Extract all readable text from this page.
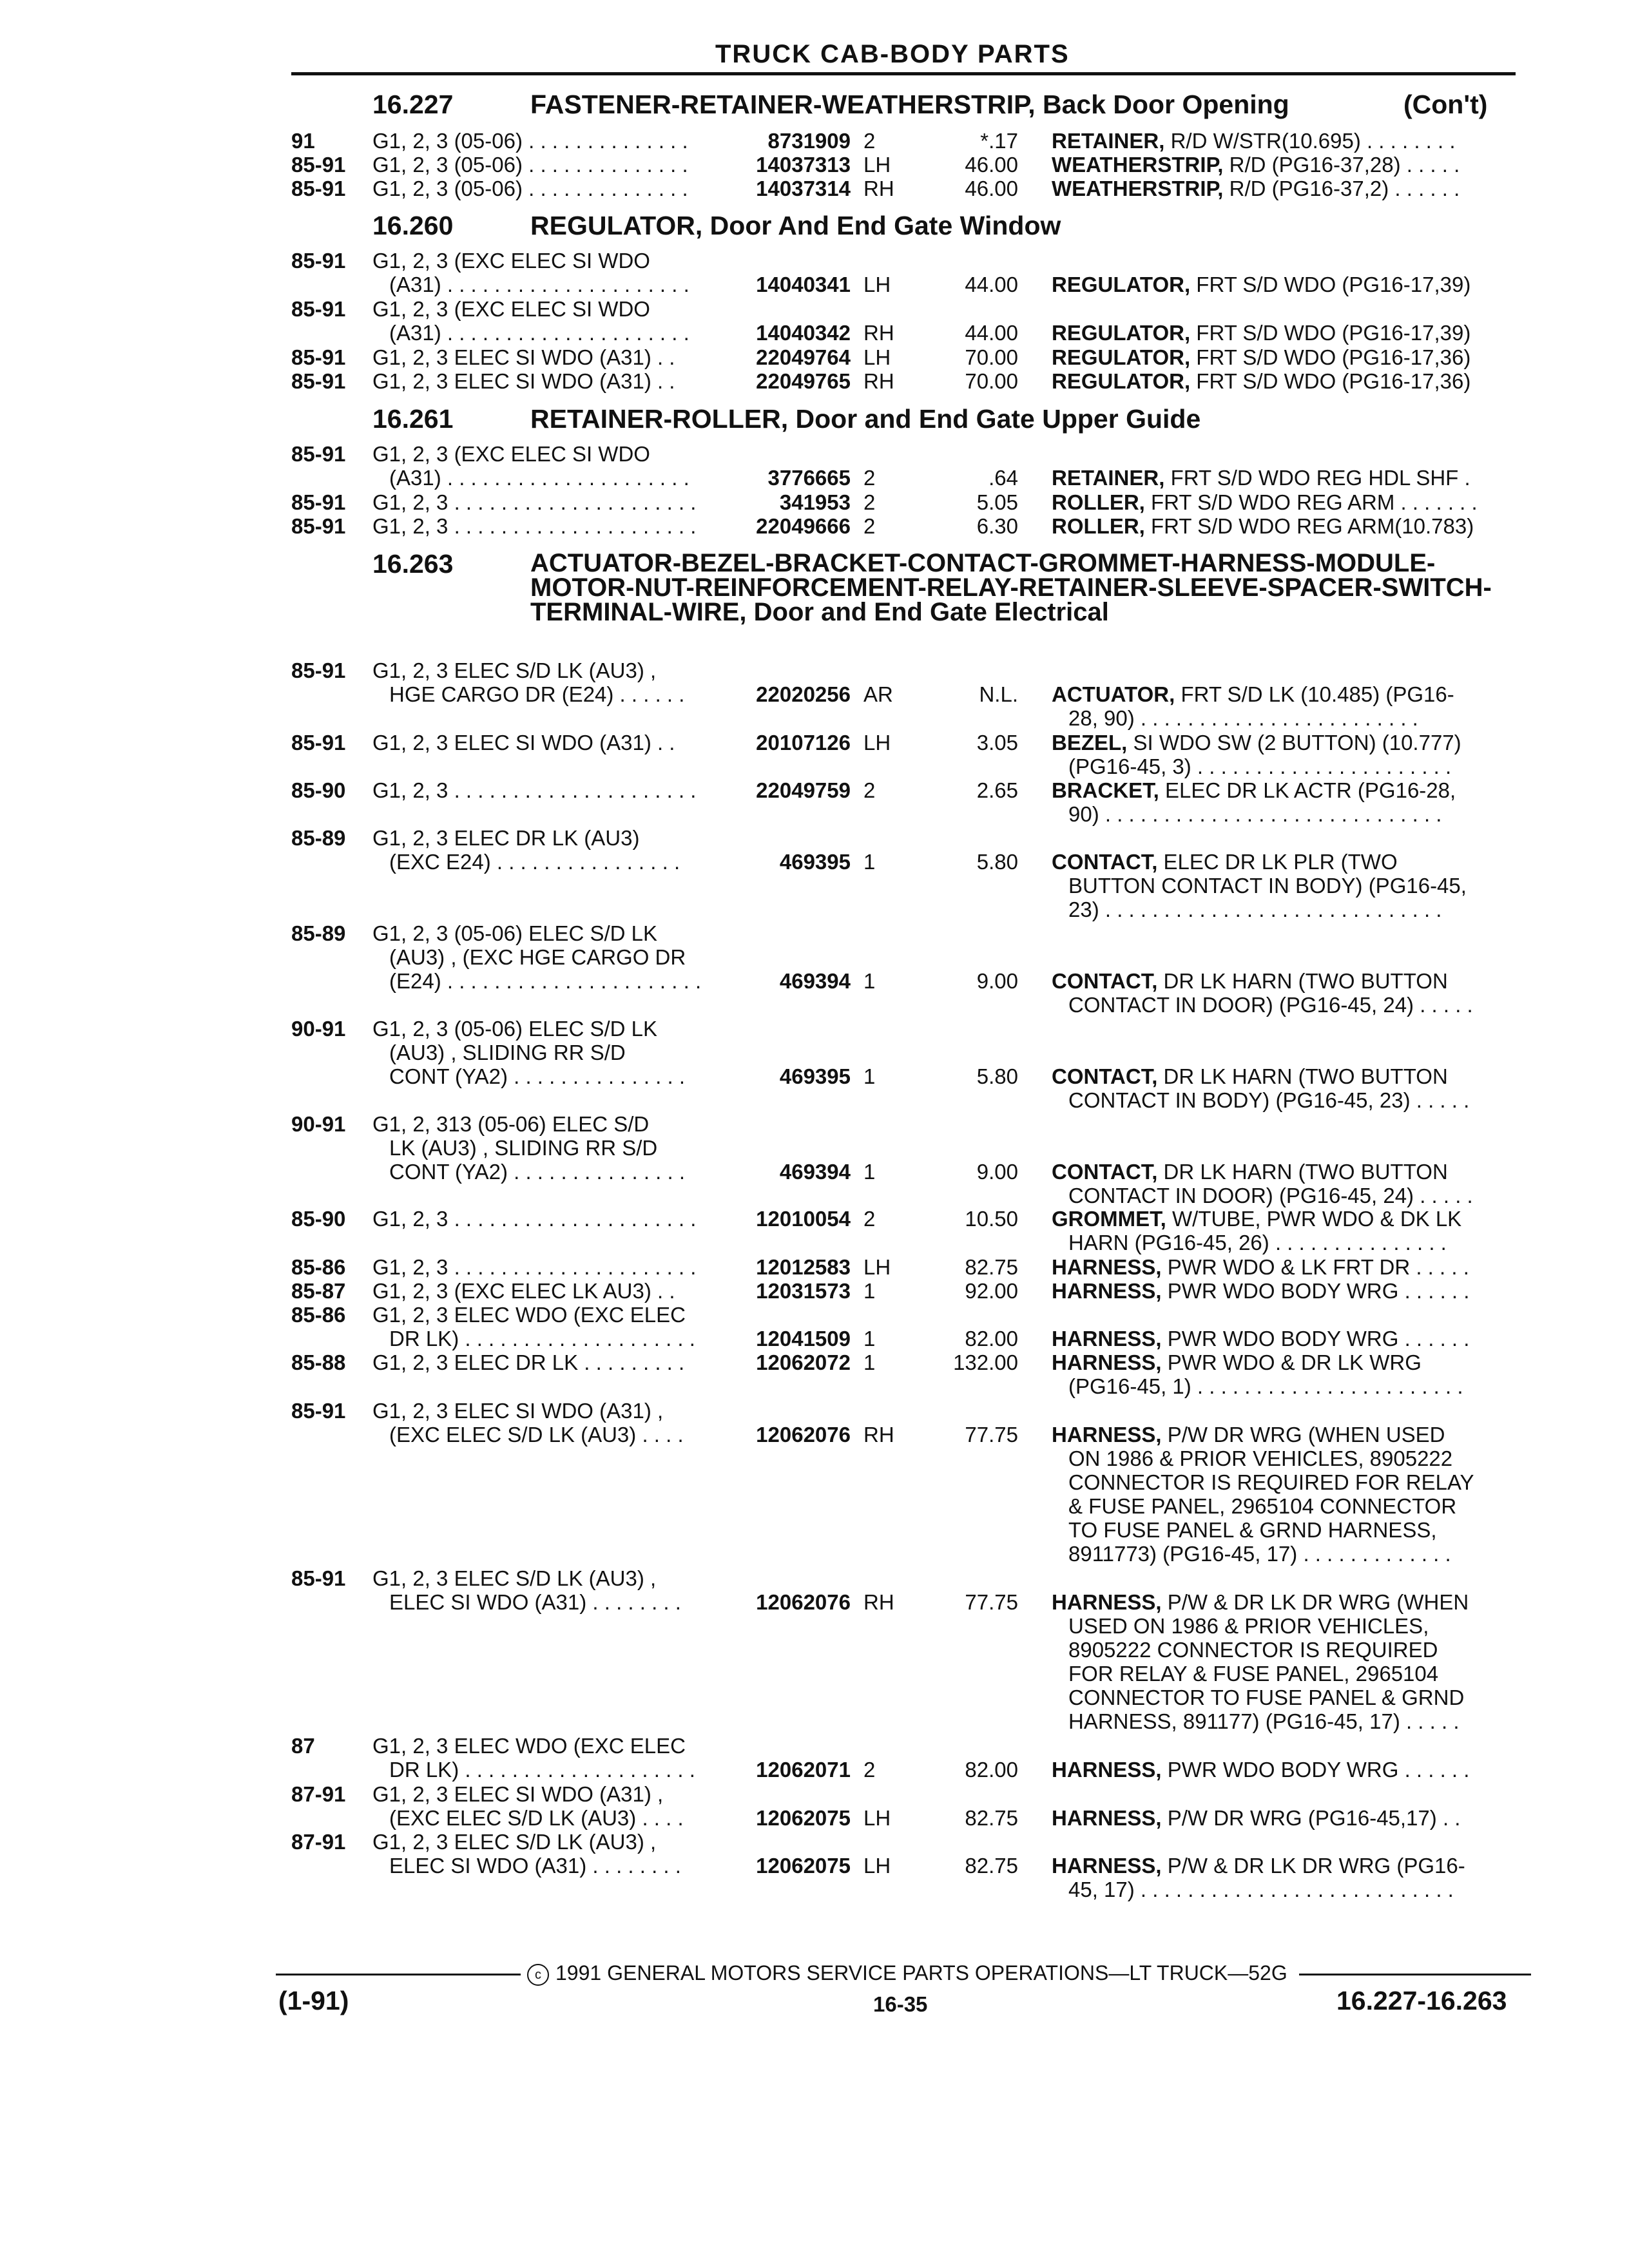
TRUCK CAB-BODY PARTS
16.227	FASTENER-RETAINER-WEATHERSTRIP, Back Door Opening	(Con't)
16.260	REGULATOR, Door And End Gate Window
16.261	RETAINER-ROLLER, Door and End Gate Upper Guide
16.263	ACTUATOR-BEZEL-BRACKET-CONTACT-GROMMET-HARNESS-MODULE-MOTOR-NUT-REINFORCEMENT-RELAY-RETAINER-SLEEVE-SPACER-SWITCH-TERMINAL-WIRE, Door and End Gate Electrical
91	G1, 2, 3 (05-06) . . . . . . . . . . . . . .	8731909 2	*.17 RETAINER, R/D W/STR(10.695) . . . . . . . .
85-91 G1, 2, 3 (05-06) . . . . . . . . . . . . . .	14037313 LH	46.00 WEATHERSTRIP, R/D (PG16-37,28) . . . . .
85-91 G1, 2, 3 (05-06) . . . . . . . . . . . . . .	14037314 RH	46.00 WEATHERSTRIP, R/D (PG16-37,2) . . . . . .
85-91 G1, 2, 3 (EXC ELEC SI WDO
(A31) . . . . . . . . . . . . . . . . . . . . .	14040341 LH	44.00 REGULATOR, FRT S/D WDO (PG16-17,39)
85-91 G1, 2, 3 (EXC ELEC SI WDO
(A31) . . . . . . . . . . . . . . . . . . . . .	14040342 RH	44.00 REGULATOR, FRT S/D WDO (PG16-17,39)
85-91 G1, 2, 3 ELEC SI WDO (A31) . .	22049764 LH	70.00 REGULATOR, FRT S/D WDO (PG16-17,36)
85-91 G1, 2, 3 ELEC SI WDO (A31) . .	22049765 RH	70.00 REGULATOR, FRT S/D WDO (PG16-17,36)
85-91 G1, 2, 3 (EXC ELEC SI WDO
(A31) . . . . . . . . . . . . . . . . . . . . .	3776665 2	.64 RETAINER, FRT S/D WDO REG HDL SHF .
85-91 G1, 2, 3 . . . . . . . . . . . . . . . . . . . . .	341953 2	5.05 ROLLER, FRT S/D WDO REG ARM . . . . . . .
85-91 G1, 2, 3 . . . . . . . . . . . . . . . . . . . . .	22049666 2	6.30 ROLLER, FRT S/D WDO REG ARM(10.783)
85-91 G1, 2, 3 ELEC S/D LK (AU3) ,
HGE CARGO DR (E24) . . . . . .	22020256 AR	N.L. ACTUATOR, FRT S/D LK (10.485) (PG16-
28, 90) . . . . . . . . . . . . . . . . . . . . . . . .
85-91 G1, 2, 3 ELEC SI WDO (A31) . .	20107126 LH	3.05 BEZEL, SI WDO SW (2 BUTTON) (10.777)
(PG16-45, 3) . . . . . . . . . . . . . . . . . . . . . .
85-90 G1, 2, 3 . . . . . . . . . . . . . . . . . . . . .	22049759 2	2.65 BRACKET, ELEC DR LK ACTR (PG16-28,
90) . . . . . . . . . . . . . . . . . . . . . . . . . . . . .
85-89 G1, 2, 3 ELEC DR LK (AU3)
(EXC E24) . . . . . . . . . . . . . . . .	469395 1	5.80 CONTACT, ELEC DR LK PLR (TWO
BUTTON CONTACT IN BODY) (PG16-45,
23) . . . . . . . . . . . . . . . . . . . . . . . . . . . . .
85-89 G1, 2, 3 (05-06) ELEC S/D LK
(AU3) , (EXC HGE CARGO DR
(E24) . . . . . . . . . . . . . . . . . . . . . .	469394 1	9.00 CONTACT, DR LK HARN (TWO BUTTON
CONTACT IN DOOR) (PG16-45, 24) . . . . .
90-91 G1, 2, 3 (05-06) ELEC S/D LK
(AU3) , SLIDING RR S/D
CONT (YA2) . . . . . . . . . . . . . . .	469395 1	5.80 CONTACT, DR LK HARN (TWO BUTTON
CONTACT IN BODY) (PG16-45, 23) . . . . .
90-91 G1, 2, 313 (05-06) ELEC S/D
LK (AU3) , SLIDING RR S/D
CONT (YA2) . . . . . . . . . . . . . . .	469394 1	9.00 CONTACT, DR LK HARN (TWO BUTTON
CONTACT IN DOOR) (PG16-45, 24) . . . . .
85-90 G1, 2, 3 . . . . . . . . . . . . . . . . . . . . .	12010054 2	10.50 GROMMET, W/TUBE, PWR WDO & DK LK
HARN (PG16-45, 26) . . . . . . . . . . . . . . .
85-86 G1, 2, 3 . . . . . . . . . . . . . . . . . . . . .	12012583 LH	82.75 HARNESS, PWR WDO & LK FRT DR . . . . .
85-87 G1, 2, 3 (EXC ELEC LK AU3) . .	12031573 1	92.00 HARNESS, PWR WDO BODY WRG . . . . . .
85-86 G1, 2, 3 ELEC WDO (EXC ELEC
DR LK) . . . . . . . . . . . . . . . . . . . .	12041509 1	82.00 HARNESS, PWR WDO BODY WRG . . . . . .
85-88 G1, 2, 3 ELEC DR LK . . . . . . . . .	12062072 1	132.00 HARNESS, PWR WDO & DR LK WRG
(PG16-45, 1) . . . . . . . . . . . . . . . . . . . . . . .
85-91 G1, 2, 3 ELEC SI WDO (A31) ,
(EXC ELEC S/D LK (AU3) . . . .	12062076 RH	77.75 HARNESS, P/W DR WRG (WHEN USED
ON 1986 & PRIOR VEHICLES, 8905222
CONNECTOR IS REQUIRED FOR RELAY
& FUSE PANEL, 2965104 CONNECTOR
TO FUSE PANEL & GRND HARNESS,
8911773) (PG16-45, 17) . . . . . . . . . . . . .
85-91 G1, 2, 3 ELEC S/D LK (AU3) ,
ELEC SI WDO (A31) . . . . . . . .	12062076 RH	77.75 HARNESS, P/W & DR LK DR WRG (WHEN
USED ON 1986 & PRIOR VEHICLES,
8905222 CONNECTOR IS REQUIRED
FOR RELAY & FUSE PANEL, 2965104
CONNECTOR TO FUSE PANEL & GRND
HARNESS, 891177) (PG16-45, 17) . . . . .
87	G1, 2, 3 ELEC WDO (EXC ELEC
DR LK) . . . . . . . . . . . . . . . . . . . .	12062071 2	82.00 HARNESS, PWR WDO BODY WRG . . . . . .
87-91 G1, 2, 3 ELEC SI WDO (A31) ,
(EXC ELEC S/D LK (AU3) . . . .	12062075 LH	82.75 HARNESS, P/W DR WRG (PG16-45,17) . .
87-91 G1, 2, 3 ELEC S/D LK (AU3) ,
ELEC SI WDO (A31) . . . . . . . .	12062075 LH	82.75 HARNESS, P/W & DR LK DR WRG (PG16-
45, 17) . . . . . . . . . . . . . . . . . . . . . . . . . . .
c 1991 GENERAL MOTORS SERVICE PARTS OPERATIONS—LT TRUCK—52G
(1-91)	16-35	16.227-16.263
